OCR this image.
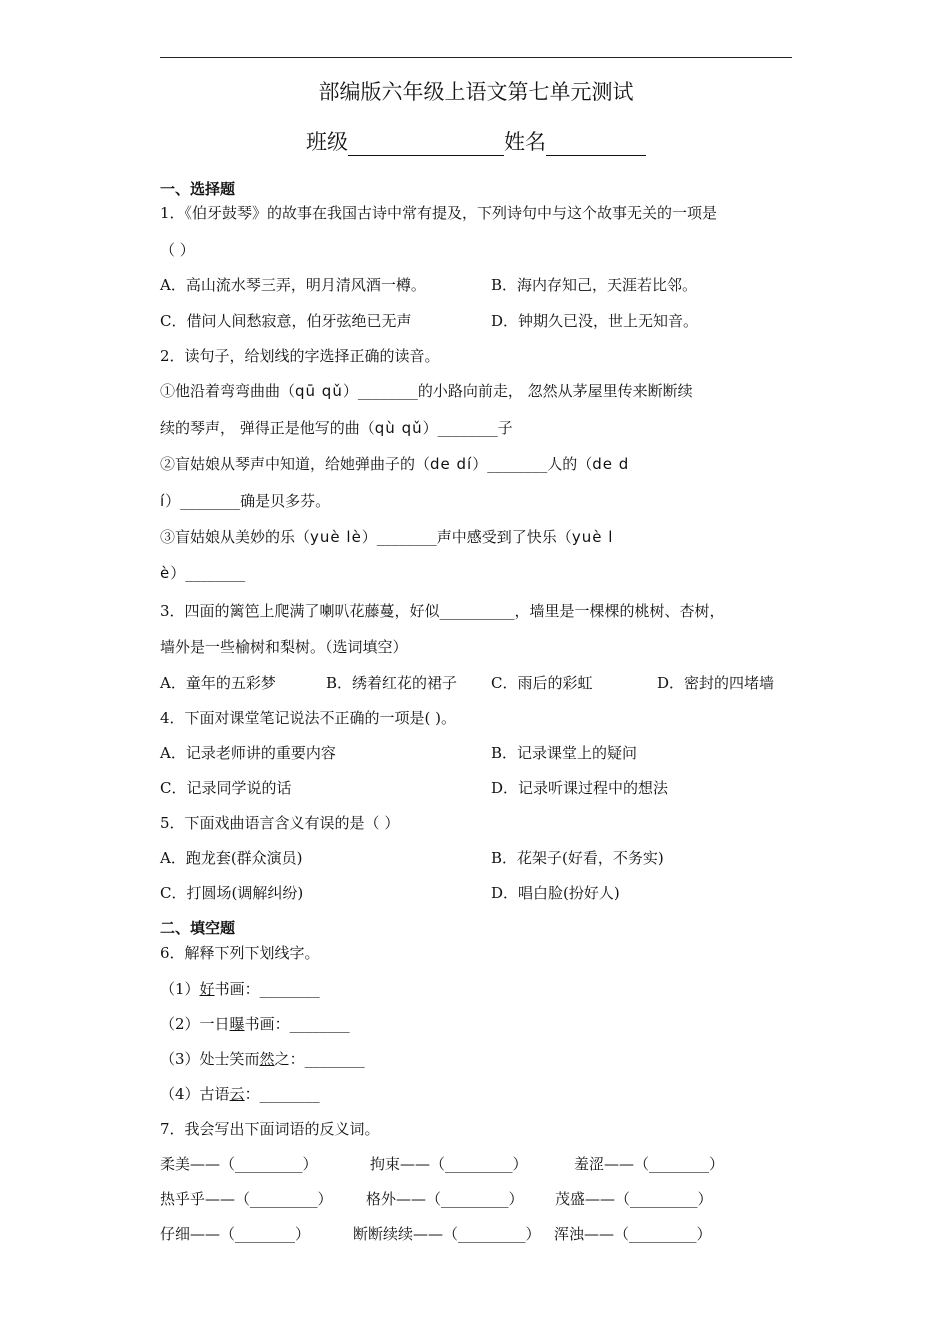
部编版六年级上语文第七单元测试
班级	姓名
一、选择题
1．《伯牙鼓琴》的故事在我国古诗中常有提及，下列诗句中与这个故事无关的一项是
（ ）
A．高山流水琴三弄，明月清风酒一樽。	B．海内存知己，天涯若比邻。
C．借问人间愁寂意，伯牙弦绝已无声	D．钟期久已没，世上无知音。
2．读句子，给划线的字选择正确的读音。
①他沿着弯弯曲曲（qū qǔ）________的小路向前走， 忽然从茅屋里传来断断续
续的琴声， 弹得正是他写的曲（qù qǔ）________子
②盲姑娘从琴声中知道，给她弹曲子的（de dí）________人的（de d
í）________确是贝多芬。
③盲姑娘从美妙的乐（yuè lè）________声中感受到了快乐（yuè l
è）________
3．四面的篱笆上爬满了喇叭花藤蔓，好似__________，墙里是一棵棵的桃树、杏树，
墙外是一些榆树和梨树。（选词填空）
A．童年的五彩梦	B．绣着红花的裙子 C．雨后的彩虹	D．密封的四堵墙
4．下面对课堂笔记说法不正确的一项是( )。
A．记录老师讲的重要内容	B．记录课堂上的疑问
C．记录同学说的话	D．记录听课过程中的想法
5．下面戏曲语言含义有误的是（ ）
A．跑龙套(群众演员)	B．花架子(好看，不务实)
C．打圆场(调解纠纷)	D．唱白脸(扮好人)
二、填空题
6．解释下列下划线字。
（1）好书画：________
（2）一日曝书画：________
（3）处士笑而然之：________
（4）古语云：________
7．我会写出下面词语的反义词。
柔美——（_________）	拘束——（_________）	羞涩——（________）
热乎乎——（_________） 格外——（_________） 茂盛——（_________）
仔细——（________）	断断续续——（_________） 浑浊——（_________）
